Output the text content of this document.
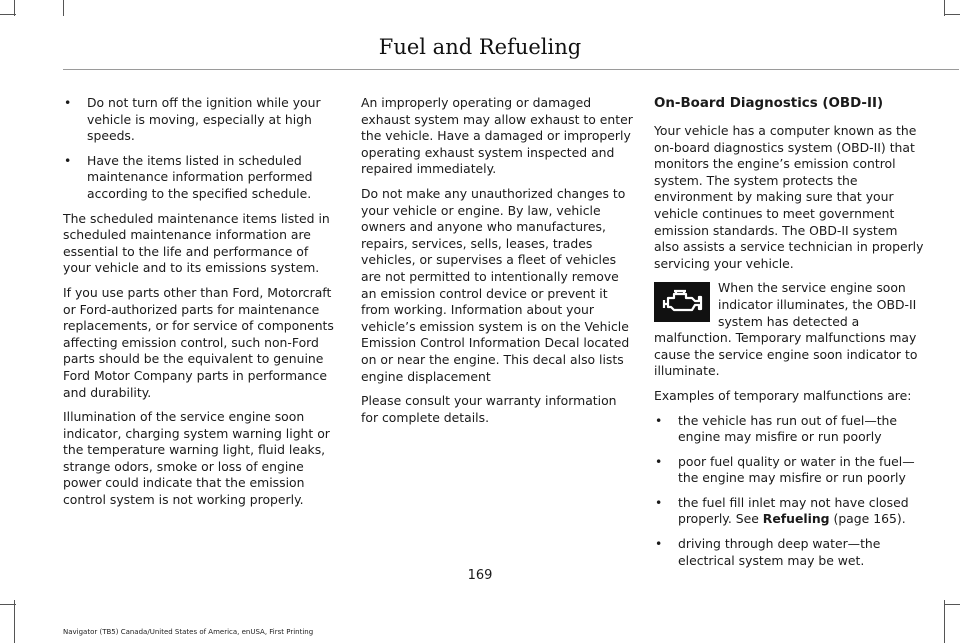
Fuel and Refueling
• Do not turn off the ignition while your vehicle is moving, especially at high speeds.
• Have the items listed in scheduled maintenance information performed according to the specified schedule.

The scheduled maintenance items listed in scheduled maintenance information are essential to the life and performance of your vehicle and to its emissions system.

If you use parts other than Ford, Motorcraft or Ford-authorized parts for maintenance replacements, or for service of components affecting emission control, such non-Ford parts should be the equivalent to genuine Ford Motor Company parts in performance and durability.

Illumination of the service engine soon indicator, charging system warning light or the temperature warning light, fluid leaks, strange odors, smoke or loss of engine power could indicate that the emission control system is not working properly.

An improperly operating or damaged exhaust system may allow exhaust to enter the vehicle. Have a damaged or improperly operating exhaust system inspected and repaired immediately.

Do not make any unauthorized changes to your vehicle or engine. By law, vehicle owners and anyone who manufactures, repairs, services, sells, leases, trades vehicles, or supervises a fleet of vehicles are not permitted to intentionally remove an emission control device or prevent it from working. Information about your vehicle’s emission system is on the Vehicle Emission Control Information Decal located on or near the engine. This decal also lists engine displacement

Please consult your warranty information for complete details.

On-Board Diagnostics (OBD-II)

Your vehicle has a computer known as the on-board diagnostics system (OBD-II) that monitors the engine’s emission control system. The system protects the environment by making sure that your vehicle continues to meet government emission standards. The OBD-II system also assists a service technician in properly servicing your vehicle.

When the service engine soon indicator illuminates, the OBD-II system has detected a malfunction. Temporary malfunctions may cause the service engine soon indicator to illuminate.

Examples of temporary malfunctions are:

• the vehicle has run out of fuel—the engine may misfire or run poorly
• poor fuel quality or water in the fuel—the engine may misfire or run poorly
• the fuel fill inlet may not have closed properly. See Refueling (page 165).
• driving through deep water—the electrical system may be wet.
169
Navigator (TB5) Canada/United States of America, enUSA, First Printing
